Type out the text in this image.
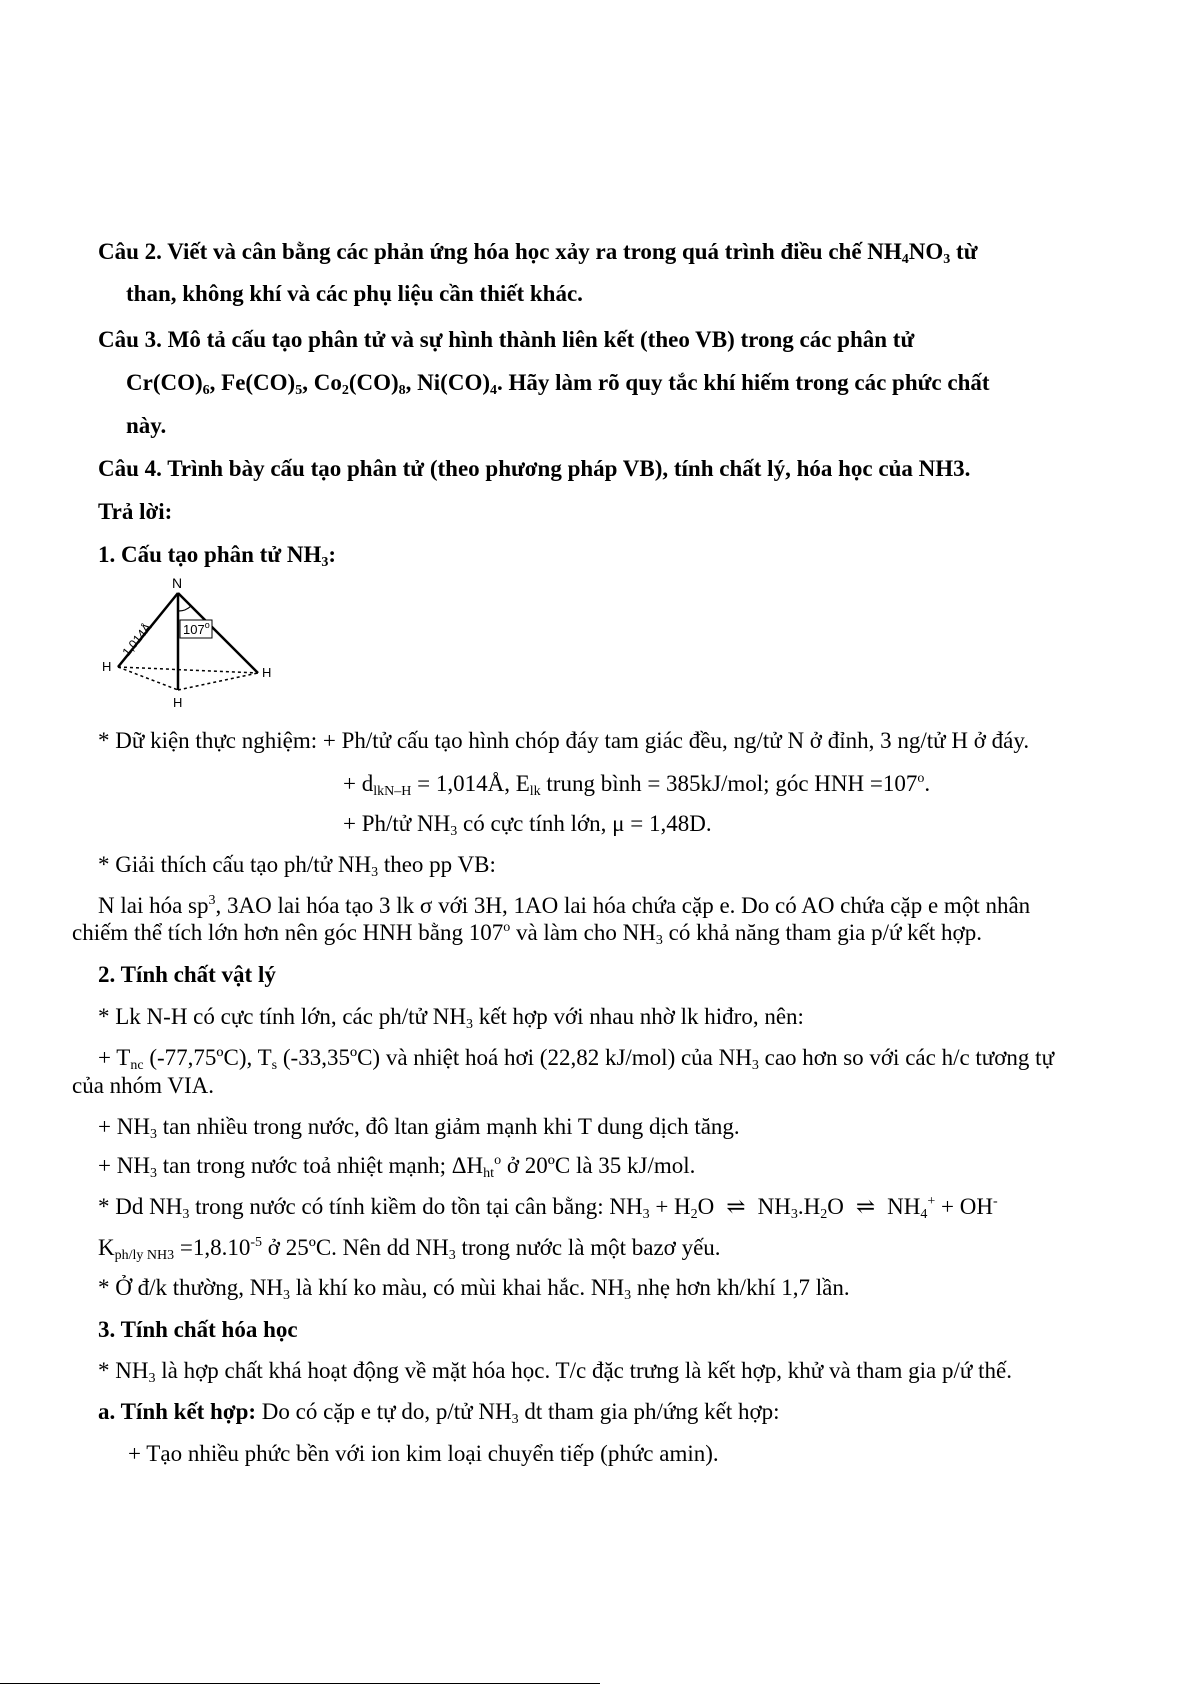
Câu 2. Viết và cân bằng các phản ứng hóa học xảy ra trong quá trình điều chế $NH_4NO_3$ từ
than, không khí và các phụ liệu cần thiết khác.
Câu 3. Mô tả cấu tạo phân tử và sự hình thành liên kết (theo VB) trong các phân tử
$Cr(CO)_6$, $Fe(CO)_5$, $Co_2(CO)_8$, $Ni(CO)_4$. Hãy làm rõ quy tắc khí hiếm trong các phức chất
này.
Câu 4. Trình bày cấu tạo phân tử (theo phương pháp VB), tính chất lý, hóa học của NH3.
Trả lời:
1. Cấu tạo phân tử $NH_3$:
107$^o$
N
H	H
H
1,014Å
* Dữ kiện thực nghiệm: + Ph/tử cấu tạo hình chóp đáy tam giác đều, ng/tử N ở đỉnh, 3 ng/tử H ở đáy.
+ $d_{lkN-H}$ = 1,014Å, $E_{lk}$ trung bình = 385kJ/mol; góc HNH $=107^o$.
+ Ph/tử $NH_3$ có cực tính lớn, μ = 1,48D.
* Giải thích cấu tạo ph/tử $NH_3$ theo pp VB:
N lai hóa $sp^3$, 3AO lai hóa tạo 3 lk σ với 3H, 1AO lai hóa chứa cặp e. Do có AO chứa cặp e một nhân
chiếm thể tích lớn hơn nên góc HNH bằng 107$^o$ và làm cho $NH_3$ có khả năng tham gia p/ứ kết hợp.
2. Tính chất vật lý
* Lk N-H có cực tính lớn, các ph/tử $NH_3$ kết hợp với nhau nhờ lk hiđro, nên:
+ $T_{nc}$ (-77,75ºC), $T_s$ (-33,35ºC) và nhiệt hoá hơi (22,82 kJ/mol) của $NH_3$ cao hơn so với các h/c tương tự
của nhóm VIA.
+ $NH_3$ tan nhiều trong nước, đô ltan giảm mạnh khi T dung dịch tăng.
+ $NH_3$ tan trong nước toả nhiệt mạnh; $\Delta H_{ht}^o$ ở 20ºC là 35 kJ/mol.
* Dd $NH_3$ trong nước có tính kiềm do tồn tại cân bằng: $NH_3 + H_2O$ ⇌ $NH_3.H_2O$ ⇌ $NH_4^+ + OH^-$
$K_{ph/ly NH3} =1,8.10^{-5}$ ở 25ºC. Nên dd $NH_3$ trong nước là một bazơ yếu.
* Ở đ/k thường, $NH_3$ là khí ko màu, có mùi khai hắc. $NH_3$ nhẹ hơn kh/khí 1,7 lần.
3. Tính chất hóa học
* $NH_3$ là hợp chất khá hoạt động về mặt hóa học. T/c đặc trưng là kết hợp, khử và tham gia p/ứ thế.
a. Tính kết hợp: Do có cặp e tự do, p/tử $NH_3$ dt tham gia ph/ứng kết hợp:
+ Tạo nhiều phức bền với ion kim loại chuyển tiếp (phức amin).
